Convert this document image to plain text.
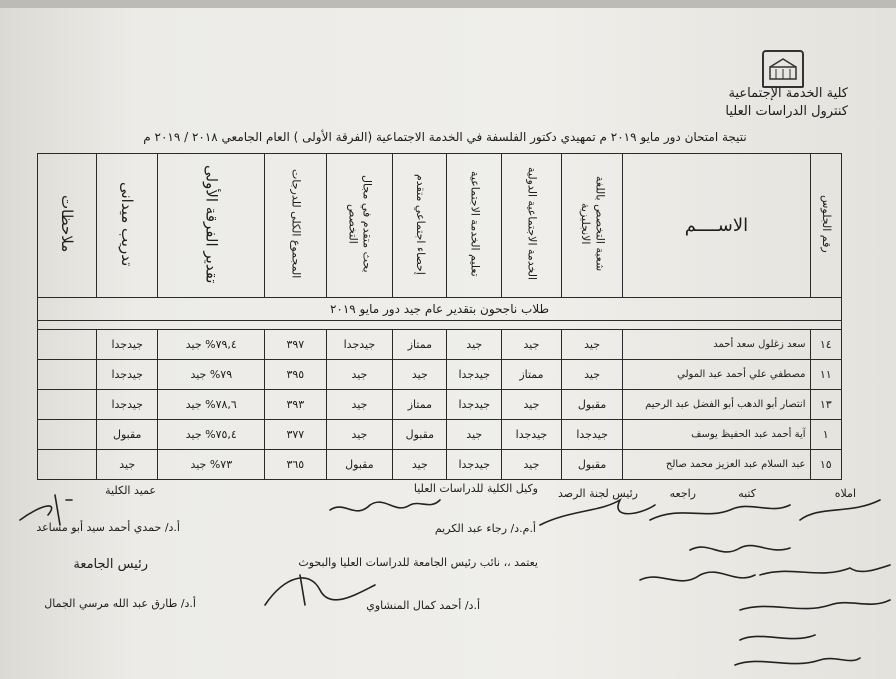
كلية الخدمة الإجتماعية
كنترول الدراسات العليا
نتيجة امتحان دور مايو ٢٠١٩ م تمهيدي دكتور الفلسفة في الخدمة الاجتماعية (الفرقة الأولى ) العام الجامعي ٢٠١٨ / ٢٠١٩ م
رقم الجلوس	الاســــم	شعبة التخصص باللغة الانجليزية	الخدمة الاجتماعية الدولية	تعليم الخدمة الاجتماعية	إحصاء اجتماعي متقدم	بحث متقدم في مجال التخصص	المجموع الكلى للدرجات	تقدير الفرقة الأولى	تدريب ميدانى	ملاحظات
طلاب ناجحون بتقدير عام جيد دور مايو ٢٠١٩										

١٤	سعد زغلول سعد أحمد	جيد	جيد	جيد	ممتاز	جيدجدا	٣٩٧	٧٩,٤% جيد	جيدجدا	
١١	مصطفي علي أحمد عبد المولي	جيد	ممتاز	جيدجدا	جيد	جيد	٣٩٥	٧٩% جيد	جيدجدا	
١٣	انتصار أبو الدهب أبو الفضل عبد الرحيم	مقبول	جيد	جيدجدا	ممتاز	جيد	٣٩٣	٧٨,٦% جيد	جيدجدا	
١	آية أحمد عبد الحفيظ يوسف	جيدجدا	جيدجدا	جيد	مقبول	جيد	٣٧٧	٧٥,٤% جيد	مقبول	
١٥	عبد السلام عبد العزيز محمد صالح	مقبول	جيد	جيدجدا	جيد	مقبول	٣٦٥	٧٣% جيد	جيد	
املاه
كتبه
راجعه
رئيس لجنة الرصد
وكيل الكلية للدراسات العليا
أ.م.د/ رجاء عبد الكريم
عميد الكلية
أ.د/ حمدي أحمد سيد أبو مساعد
يعتمد ،، نائب رئيس الجامعة للدراسات العليا والبحوث
أ.د/ أحمد كمال المنشاوي
رئيس الجامعة
أ.د/ طارق عبد الله مرسي الجمال
